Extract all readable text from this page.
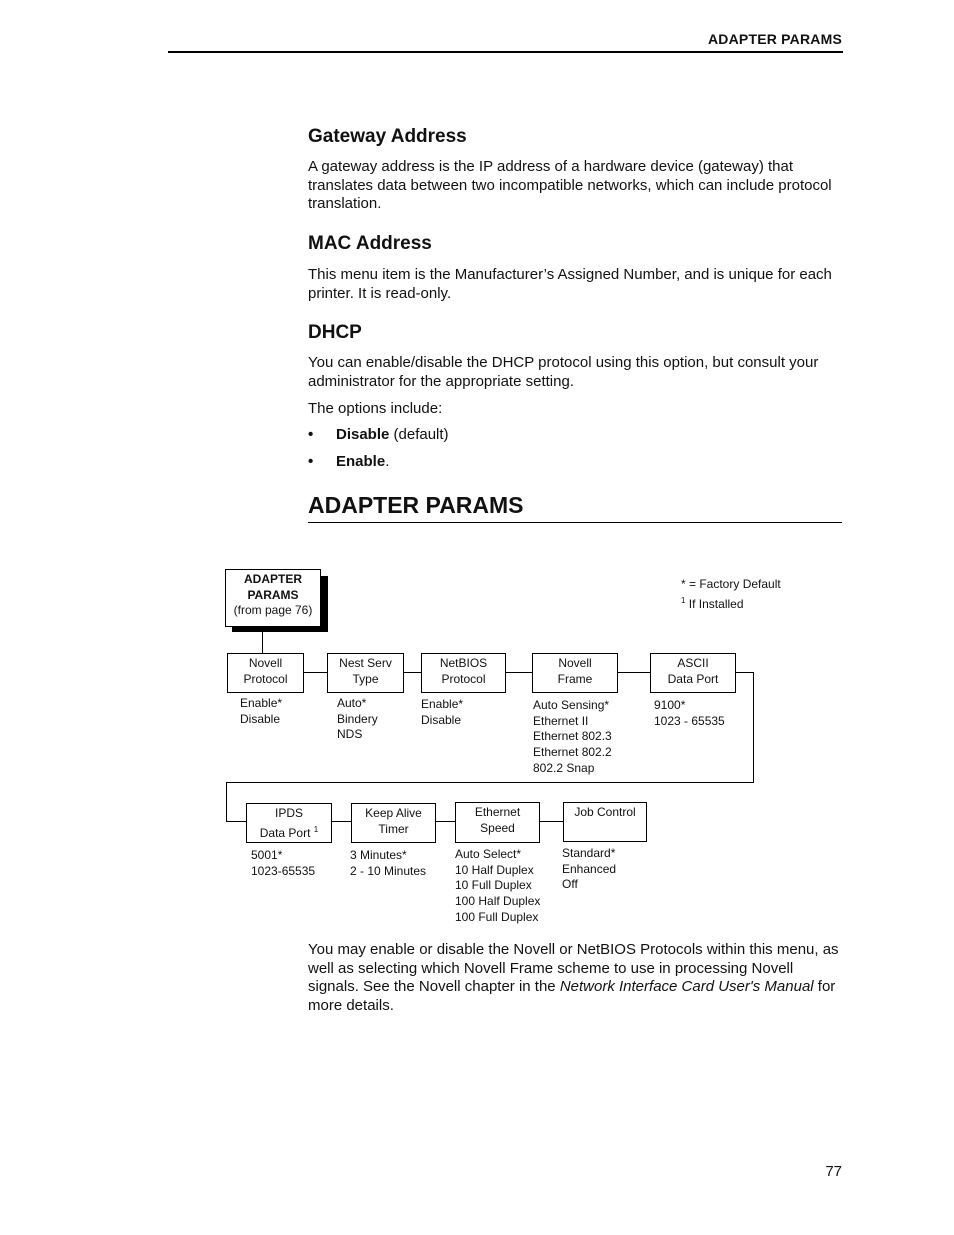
ADAPTER PARAMS
Gateway Address

A gateway address is the IP address of a hardware device (gateway) that translates data between two incompatible networks, which can include protocol translation.

MAC Address

This menu item is the Manufacturer’s Assigned Number, and is unique for each printer. It is read-only.

DHCP

You can enable/disable the DHCP protocol using this option, but consult your administrator for the appropriate setting.

The options include:

• Disable (default)
• Enable.
ADAPTER PARAMS
ADAPTER
PARAMS
(from page 76)
* = Factory Default
$^1$ If Installed
Novell
Protocol
Nest Serv
Type
NetBIOS
Protocol
Novell
Frame
ASCII
Data Port
Enable*
Disable
Auto*
Bindery
NDS
Enable*
Disable
Auto Sensing*
Ethernet II
Ethernet 802.3
Ethernet 802.2
802.2 Snap
9100*
1023 - 65535
IPDS
Data Port $^1$
Keep Alive
Timer
Ethernet
Speed
Job Control
5001*
1023-65535
3 Minutes*
2 - 10 Minutes
Auto Select*
10 Half Duplex
10 Full Duplex
100 Half Duplex
100 Full Duplex
Standard*
Enhanced
Off

You may enable or disable the Novell or NetBIOS Protocols within this menu, as well as selecting which Novell Frame scheme to use in processing Novell signals. See the Novell chapter in the Network Interface Card User's Manual for more details.

77
